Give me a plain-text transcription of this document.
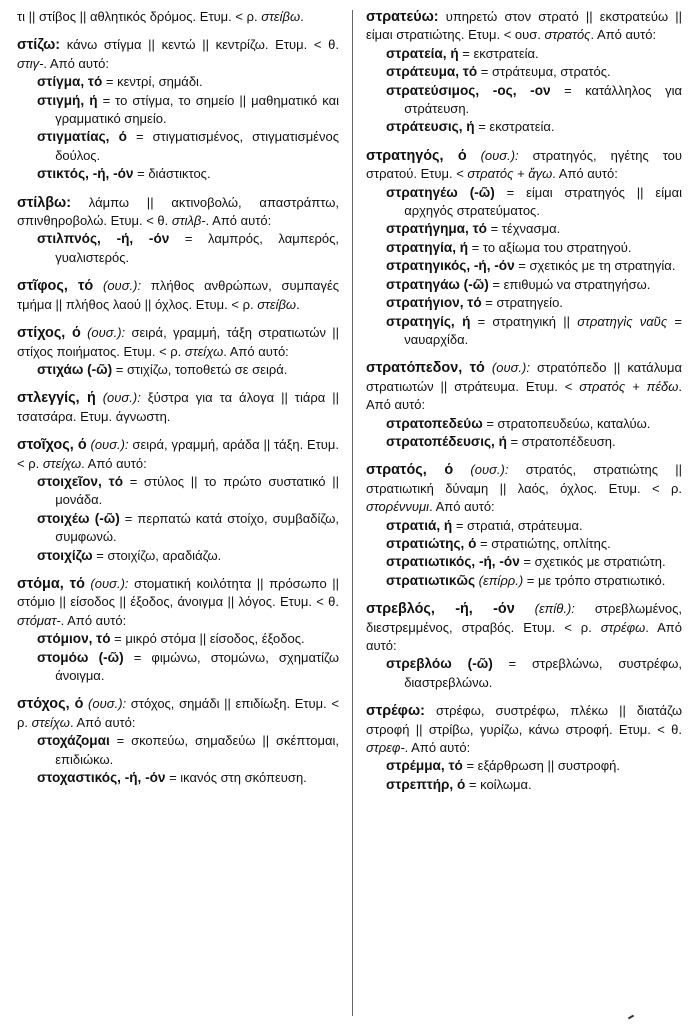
τι || στίβος || αθλητικός δρόμος. Ετυμ. < ρ. στείβω.
στίζω: κάνω στίγμα || κεντώ || κεντρίζω. Ετυμ. < θ. στιγ-. Από αυτό:
στίγμα, τό = κεντρί, σημάδι.
στιγμή, ή = το στίγμα, το σημείο || μαθηματικό και γραμματικό σημείο.
στιγματίας, ό = στιγματισμένος, στιγματισμένος δούλος.
στικτός, -ή, -όν = διάστικτος.
στίλβω: λάμπω || ακτινοβολώ, απαστράπτω, σπινθηροβολώ. Ετυμ. < θ. στιλβ-. Από αυτό:
στιλπνός, -ή, -όν = λαμπρός, λαμπερός, γυαλιστερός.
στῖφος, τό (ουσ.): πλήθος ανθρώπων, συμπαγές τμήμα || πλήθος λαού || όχλος. Ετυμ. < ρ. στείβω.
στίχος, ό (ουσ.): σειρά, γραμμή, τάξη στρατιωτών || στίχος ποιήματος. Ετυμ. < ρ. στείχω. Από αυτό:
στιχάω (-ῶ) = στιχίζω, τοποθετώ σε σειρά.
στλεγγίς, ή (ουσ.): ξύστρα για τα άλογα || τιάρα || τσατσάρα. Ετυμ. άγνωστη.
στοῖχος, ό (ουσ.): σειρά, γραμμή, αράδα || τάξη. Ετυμ. < ρ. στείχω. Από αυτό:
στοιχεῖον, τό = στύλος || το πρώτο συστατικό || μονάδα.
στοιχέω (-ῶ) = περπατώ κατά στοίχο, συμβαδίζω, συμφωνώ.
στοιχίζω = στοιχίζω, αραδιάζω.
στόμα, τό (ουσ.): στοματική κοιλότητα || πρόσωπο || στόμιο || είσοδος || έξοδος, άνοιγμα || λόγος. Ετυμ. < θ. στόματ-. Από αυτό:
στόμιον, τό = μικρό στόμα || είσοδος, έξοδος.
στομόω (-ῶ) = φιμώνω, στομώνω, σχηματίζω άνοιγμα.
στόχος, ό (ουσ.): στόχος, σημάδι || επιδίωξη. Ετυμ. < ρ. στείχω. Από αυτό:
στοχάζομαι = σκοπεύω, σημαδεύω || σκέπτομαι, επιδιώκω.
στοχαστικός, -ή, -όν = ικανός στη σκόπευση.
στρατεύω: υπηρετώ στον στρατό || εκστρατεύω || είμαι στρατιώτης. Ετυμ. < ουσ. στρατός. Από αυτό:
στρατεία, ή = εκστρατεία.
στράτευμα, τό = στράτευμα, στρατός.
στρατεύσιμος, -ος, -ον = κατάλληλος για στράτευση.
στράτευσις, ή = εκστρατεία.
στρατηγός, ό (ουσ.): στρατηγός, ηγέτης του στρατού. Ετυμ. < στρατός + ἄγω. Από αυτό:
στρατηγέω (-ῶ) = είμαι στρατηγός || είμαι αρχηγός στρατεύματος.
στρατήγημα, τό = τέχνασμα.
στρατηγία, ή = το αξίωμα του στρατηγού.
στρατηγικός, -ή, -όν = σχετικός με τη στρατηγία.
στρατηγάω (-ῶ) = επιθυμώ να στρατηγήσω.
στρατήγιον, τό = στρατηγείο.
στρατηγίς, ή = στρατηγική || στρατηγὶς ναῦς = ναυαρχίδα.
στρατόπεδον, τό (ουσ.): στρατόπεδο || κατάλυμα στρατιωτών || στράτευμα. Ετυμ. < στρατός + πέδω. Από αυτό:
στρατοπεδεύω = στρατοπευδεύω, καταλύω.
στρατοπέδευσις, ή = στρατοπέδευση.
στρατός, ό (ουσ.): στρατός, στρατιώτης || στρατιωτική δύναμη || λαός, όχλος. Ετυμ. < ρ. στορέννυμι. Από αυτό:
στρατιά, ή = στρατιά, στράτευμα.
στρατιώτης, ό = στρατιώτης, οπλίτης.
στρατιωτικός, -ή, -όν = σχετικός με στρατιώτη.
στρατιωτικῶς (επίρρ.) = με τρόπο στρατιωτικό.
στρεβλός, -ή, -όν (επίθ.): στρεβλωμένος, διεστρεμμένος, στραβός. Ετυμ. < ρ. στρέφω. Από αυτό:
στρεβλόω (-ῶ) = στρεβλώνω, συστρέφω, διαστρεβλώνω.
στρέφω: στρέφω, συστρέφω, πλέκω || διατάζω στροφή || στρίβω, γυρίζω, κάνω στροφή. Ετυμ. < θ. στρεφ-. Από αυτό:
στρέμμα, τό = εξάρθρωση || συστροφή.
στρεπτήρ, ό = κοίλωμα.
